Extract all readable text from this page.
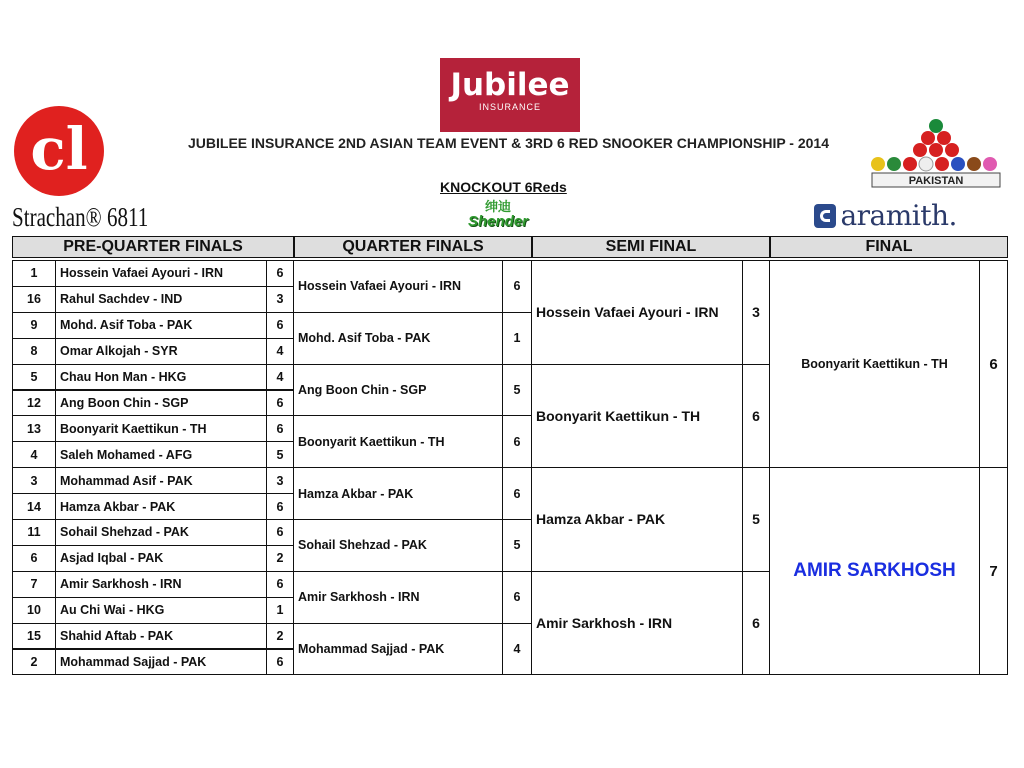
Jubilee
INSURANCE
cl
Strachan® 6811
JUBILEE INSURANCE 2ND ASIAN TEAM EVENT & 3RD 6 RED SNOOKER CHAMPIONSHIP - 2014
KNOCKOUT 6Reds
绅迪
Shender	aramith.
PAKISTAN
PRE-QUARTER FINALS	QUARTER FINALS	SEMI FINAL	FINAL
1	Hossein Vafaei Ayouri - IRN	6
16	Rahul Sachdev - IND	3
9	Mohd. Asif Toba - PAK	6
8	Omar Alkojah - SYR	4
5	Chau Hon Man - HKG	4
12	Ang Boon Chin - SGP	6
13	Boonyarit Kaettikun - TH	6
4	Saleh Mohamed - AFG	5
3	Mohammad Asif - PAK	3
14	Hamza Akbar - PAK	6
11	Sohail Shehzad - PAK	6
6	Asjad Iqbal - PAK	2
7	Amir Sarkhosh - IRN	6
10	Au Chi Wai - HKG	1
15	Shahid Aftab - PAK	2
2	Mohammad Sajjad - PAK	6
Hossein Vafaei Ayouri - IRN	6
Mohd. Asif Toba - PAK	1
Ang Boon Chin - SGP	5
Boonyarit Kaettikun - TH	6
Hamza Akbar - PAK	6
Sohail Shehzad - PAK	5
Amir Sarkhosh - IRN	6
Mohammad Sajjad - PAK	4
Hossein Vafaei Ayouri - IRN	3
Boonyarit Kaettikun - TH	6
Hamza Akbar - PAK	5
Amir Sarkhosh - IRN	6
Boonyarit Kaettikun - TH	6
AMIR SARKHOSH	7
